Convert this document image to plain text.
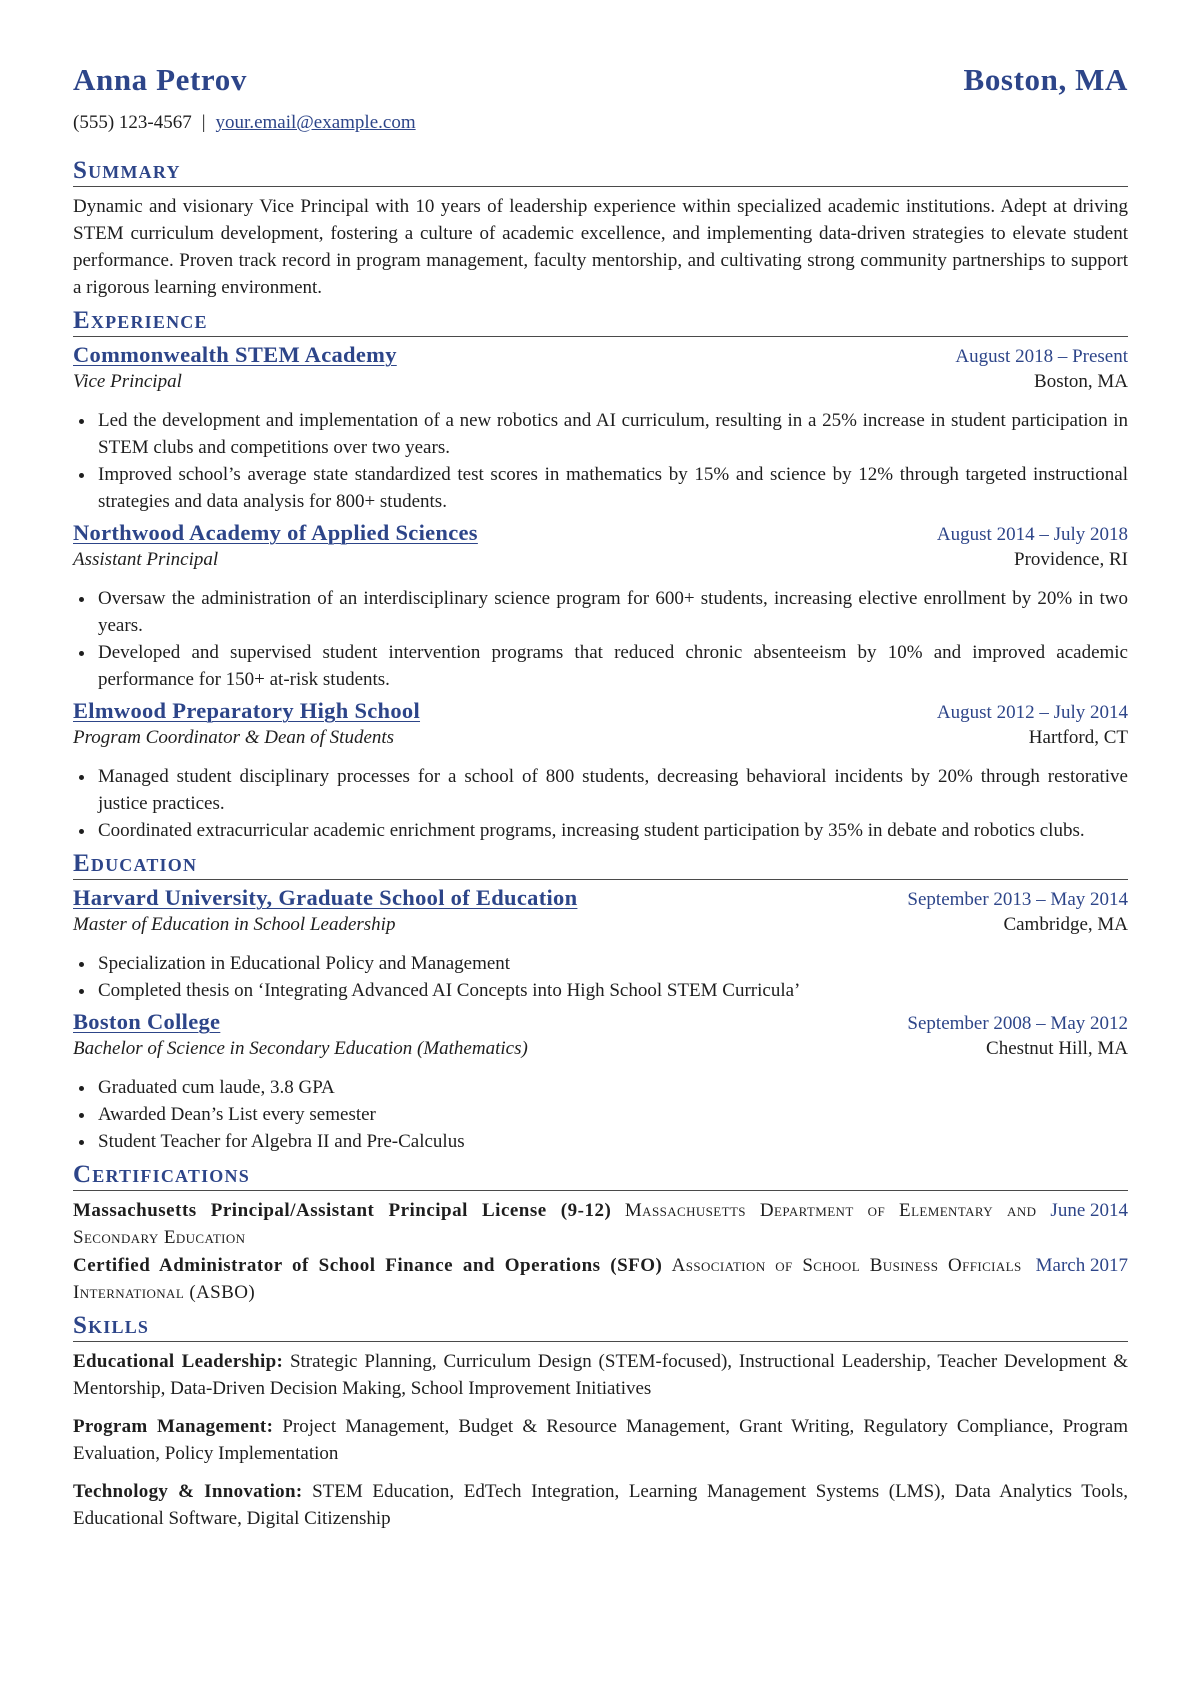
Anna Petrov	Boston, MA
(555) 123-4567 | your.email@example.com
Summary
Dynamic and visionary Vice Principal with 10 years of leadership experience within specialized academic institutions. Adept at driving STEM curriculum development, fostering a culture of academic excellence, and implementing data-driven strategies to elevate student performance. Proven track record in program management, faculty mentorship, and cultivating strong community partnerships to support a rigorous learning environment.
Experience
Commonwealth STEM Academy	August 2018 – Present
Vice Principal	Boston, MA
Led the development and implementation of a new robotics and AI curriculum, resulting in a 25% increase in student participation in STEM clubs and competitions over two years.
Improved school’s average state standardized test scores in mathematics by 15% and science by 12% through targeted instructional strategies and data analysis for 800+ students.
Northwood Academy of Applied Sciences	August 2014 – July 2018
Assistant Principal	Providence, RI
Oversaw the administration of an interdisciplinary science program for 600+ students, increasing elective enrollment by 20% in two years.
Developed and supervised student intervention programs that reduced chronic absenteeism by 10% and improved academic performance for 150+ at-risk students.
Elmwood Preparatory High School	August 2012 – July 2014
Program Coordinator & Dean of Students	Hartford, CT
Managed student disciplinary processes for a school of 800 students, decreasing behavioral incidents by 20% through restorative justice practices.
Coordinated extracurricular academic enrichment programs, increasing student participation by 35% in debate and robotics clubs.
Education
Harvard University, Graduate School of Education	September 2013 – May 2014
Master of Education in School Leadership	Cambridge, MA
Specialization in Educational Policy and Management
Completed thesis on ‘Integrating Advanced AI Concepts into High School STEM Curricula’
Boston College	September 2008 – May 2012
Bachelor of Science in Secondary Education (Mathematics)	Chestnut Hill, MA
Graduated cum laude, 3.8 GPA
Awarded Dean’s List every semester
Student Teacher for Algebra II and Pre-Calculus
Certifications
Massachusetts Principal/Assistant Principal License (9-12) Massachusetts Department of Elementary and Secondary Education
June 2014
Certified Administrator of School Finance and Operations (SFO) Association of School Business Officials International (ASBO)
March 2017
Skills
Educational Leadership: Strategic Planning, Curriculum Design (STEM-focused), Instructional Leadership, Teacher Development & Mentorship, Data-Driven Decision Making, School Improvement Initiatives
Program Management: Project Management, Budget & Resource Management, Grant Writing, Regulatory Compliance, Program Evaluation, Policy Implementation
Technology & Innovation: STEM Education, EdTech Integration, Learning Management Systems (LMS), Data Analytics Tools, Educational Software, Digital Citizenship
